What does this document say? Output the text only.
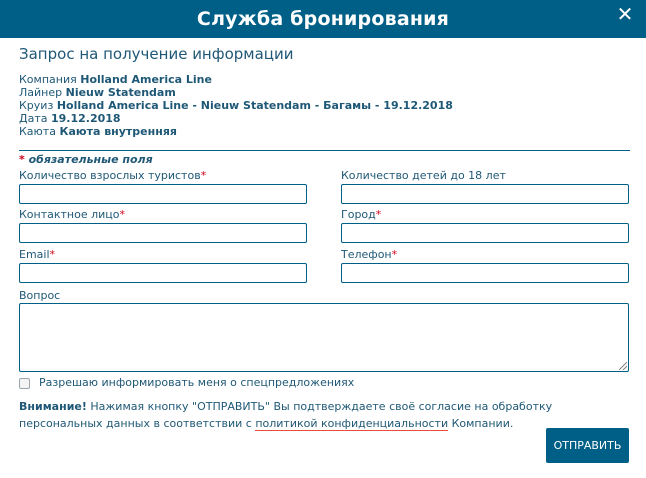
Служба бронирования	✕
Запрос на получение информации
Компания Holland America Line
Лайнер Nieuw Statendam
Круиз Holland America Line - Nieuw Statendam - Багамы - 19.12.2018
Дата 19.12.2018
Каюта Каюта внутренняя
* обязательные поля
Количество взрослых туристов*	Количество детей до 18 лет
Контактное лицо*	Город*
Email*	Телефон*
Вопрос
Разрешаю информировать меня о спецпредложениях
Внимание! Нажимая кнопку "ОТПРАВИТЬ" Вы подтверждаете своё согласие на обработку персональных данных в соответствии с политикой конфиденциальности Компании.
ОТПРАВИТЬ
